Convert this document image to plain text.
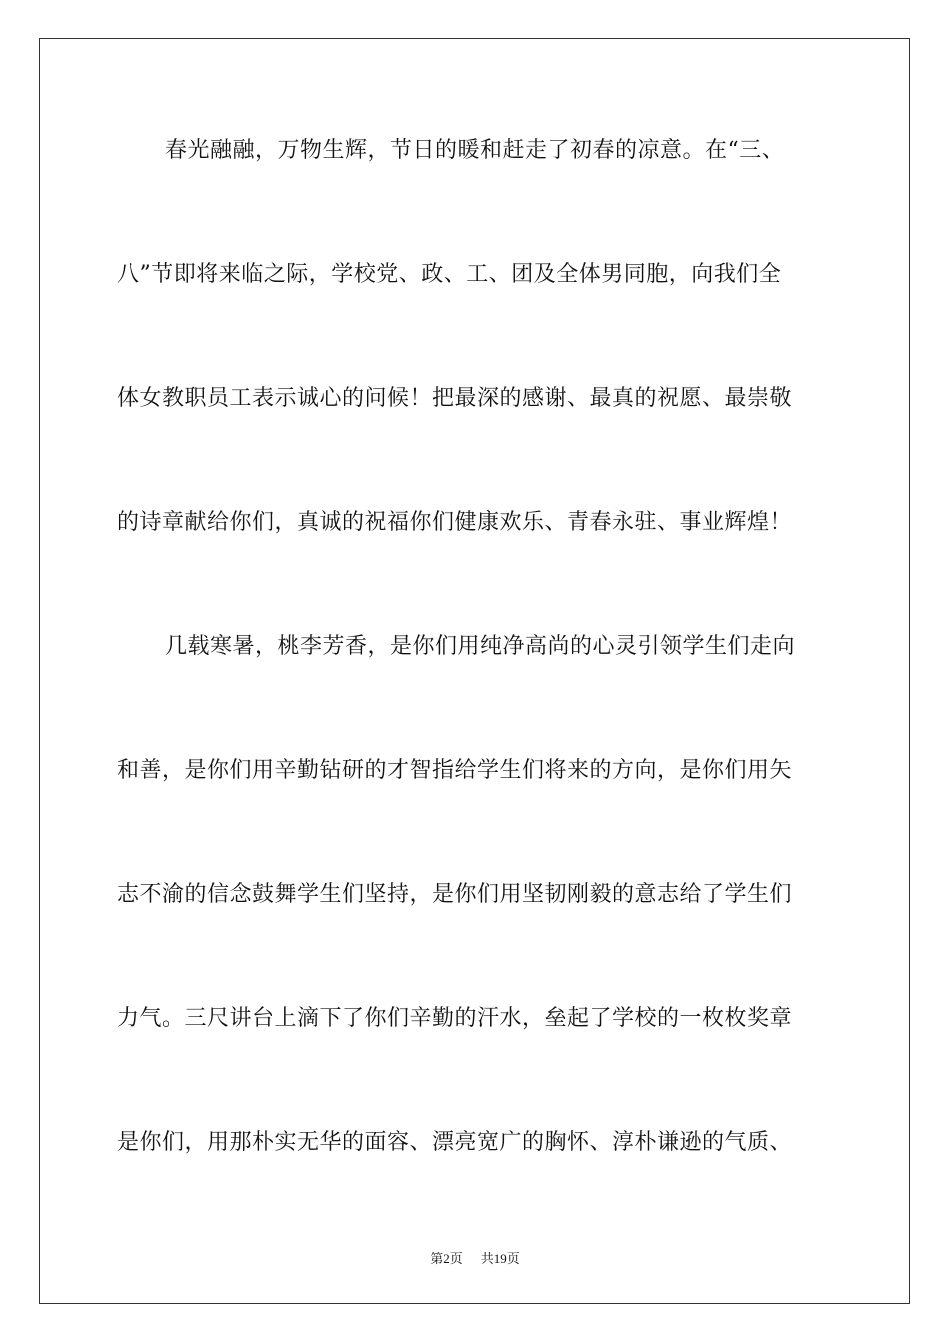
春光融融，万物生辉，节日的暖和赶走了初春的凉意。在“三、
八”节即将来临之际，学校党、政、工、团及全体男同胞，向我们全
体女教职员工表示诚心的问候！把最深的感谢、最真的祝愿、最崇敬
的诗章献给你们，真诚的祝福你们健康欢乐、青春永驻、事业辉煌！
几载寒暑，桃李芳香，是你们用纯净高尚的心灵引领学生们走向
和善，是你们用辛勤钻研的才智指给学生们将来的方向，是你们用矢
志不渝的信念鼓舞学生们坚持，是你们用坚韧刚毅的意志给了学生们
力气。三尺讲台上滴下了你们辛勤的汗水，垒起了学校的一枚枚奖章
是你们，用那朴实无华的面容、漂亮宽广的胸怀、淳朴谦逊的气质、
第2页 共19页
